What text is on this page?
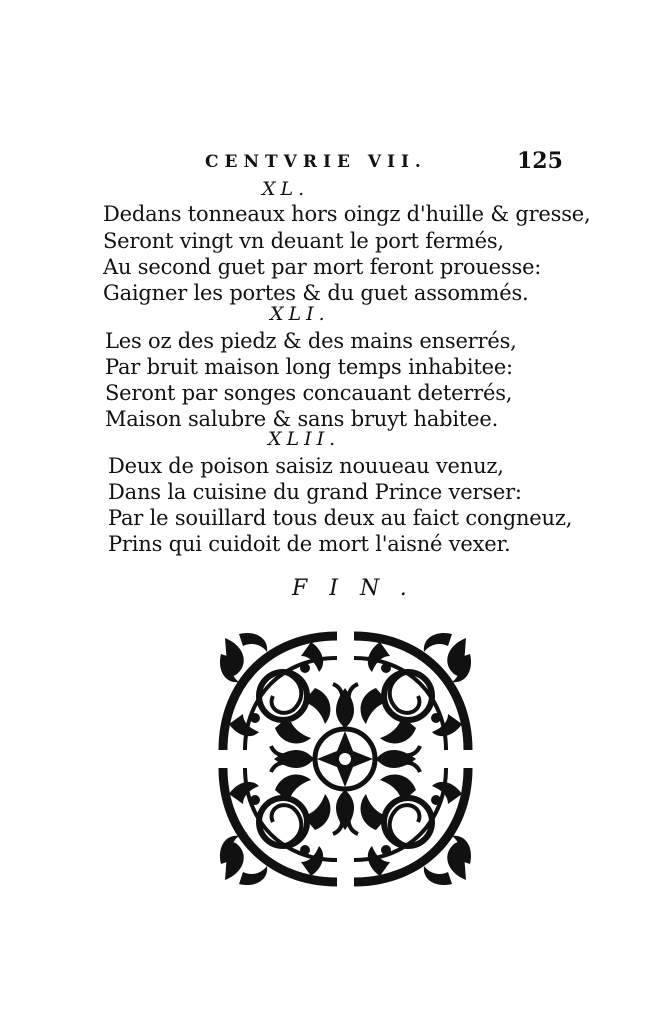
CENTVRIE VII.	125
XL.
Dedans tonneaux hors oingz d'huille & gresse,
Seront vingt vn deuant le port fermés,
Au second guet par mort feront prouesse:
Gaigner les portes & du guet assommés.
XLI.
Les oz des piedz & des mains enserrés,
Par bruit maison long temps inhabitee:
Seront par songes concauant deterrés,
Maison salubre & sans bruyt habitee.
XLII.
Deux de poison saisiz nouueau venuz,
Dans la cuisine du grand Prince verser:
Par le souillard tous deux au faict congneuz,
Prins qui cuidoit de mort l'aisné vexer.
FIN.
